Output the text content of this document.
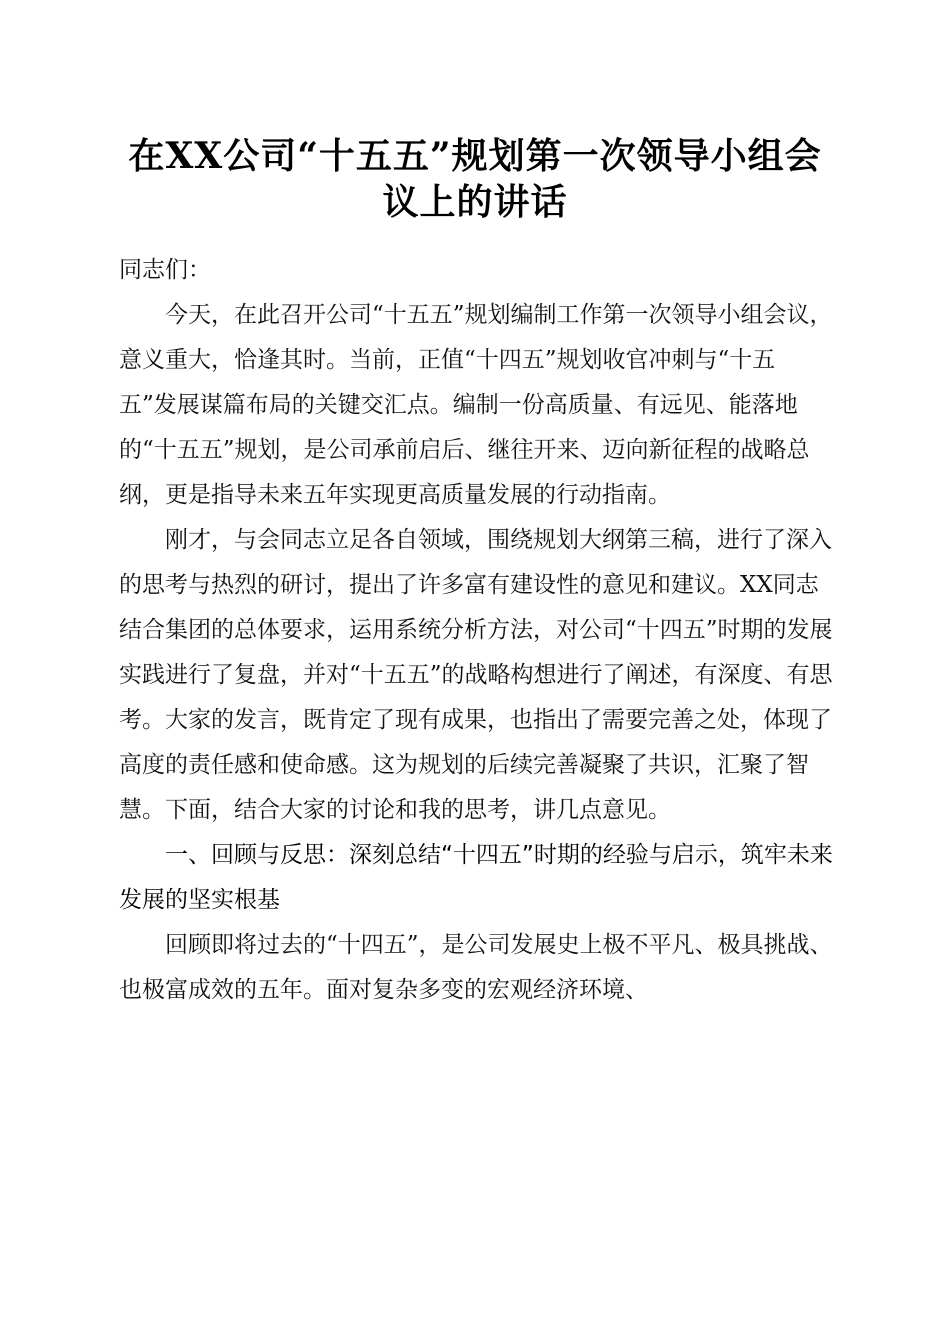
在XX公司“十五五”规划第一次领导小组会议上的讲话

同志们：

今天，在此召开公司“十五五”规划编制工作第一次领导小组会议，意义重大，恰逢其时。当前，正值“十四五”规划收官冲刺与“十五五”发展谋篇布局的关键交汇点。编制一份高质量、有远见、能落地的“十五五”规划，是公司承前启后、继往开来、迈向新征程的战略总纲，更是指导未来五年实现更高质量发展的行动指南。

刚才，与会同志立足各自领域，围绕规划大纲第三稿，进行了深入的思考与热烈的研讨，提出了许多富有建设性的意见和建议。XX同志结合集团的总体要求，运用系统分析方法，对公司“十四五”时期的发展实践进行了复盘，并对“十五五”的战略构想进行了阐述，有深度、有思考。大家的发言，既肯定了现有成果，也指出了需要完善之处，体现了高度的责任感和使命感。这为规划的后续完善凝聚了共识，汇聚了智慧。下面，结合大家的讨论和我的思考，讲几点意见。

一、回顾与反思：深刻总结“十四五”时期的经验与启示，筑牢未来发展的坚实根基

回顾即将过去的“十四五”，是公司发展史上极不平凡、极具挑战、也极富成效的五年。面对复杂多变的宏观经济环境、
